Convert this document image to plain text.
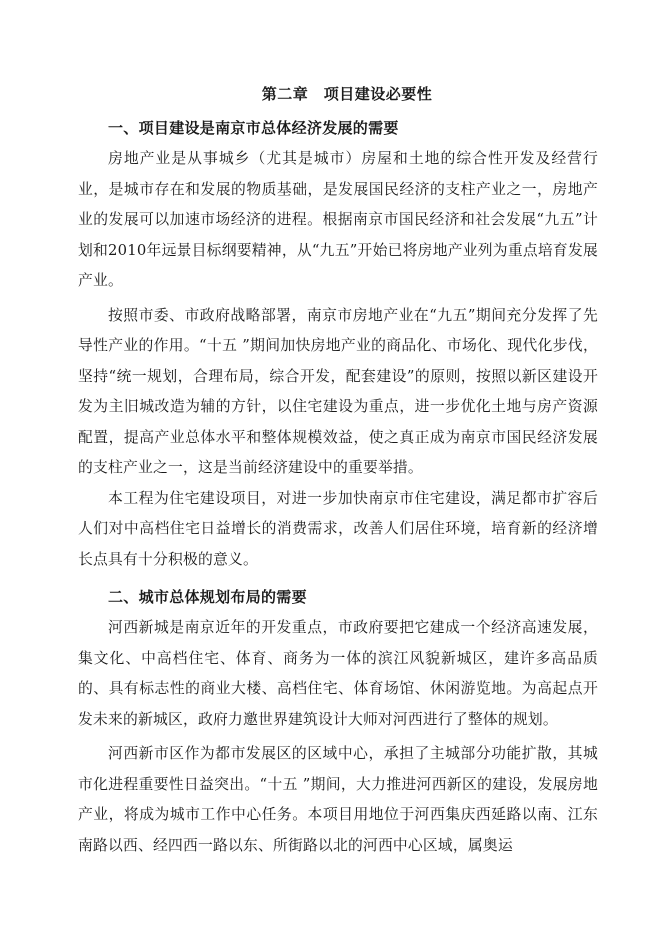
第二章　项目建设必要性
一、项目建设是南京市总体经济发展的需要

房地产业是从事城乡（尤其是城市）房屋和土地的综合性开发及经营行业，是城市存在和发展的物质基础，是发展国民经济的支柱产业之一，房地产业的发展可以加速市场经济的进程。根据南京市国民经济和社会发展“九五”计划和2010年远景目标纲要精神，从“九五”开始已将房地产业列为重点培育发展产业。

按照市委、市政府战略部署，南京市房地产业在“九五”期间充分发挥了先导性产业的作用。“十五 ”期间加快房地产业的商品化、市场化、现代化步伐，坚持“统一规划，合理布局，综合开发，配套建设”的原则，按照以新区建设开发为主旧城改造为辅的方针，以住宅建设为重点，进一步优化土地与房产资源配置，提高产业总体水平和整体规模效益，使之真正成为南京市国民经济发展的支柱产业之一，这是当前经济建设中的重要举措。

本工程为住宅建设项目，对进一步加快南京市住宅建设，满足都市扩容后人们对中高档住宅日益增长的消费需求，改善人们居住环境，培育新的经济增长点具有十分积极的意义。

二、城市总体规划布局的需要

河西新城是南京近年的开发重点，市政府要把它建成一个经济高速发展，集文化、中高档住宅、体育、商务为一体的滨江风貌新城区，建许多高品质的、具有标志性的商业大楼、高档住宅、体育场馆、休闲游览地。为高起点开发未来的新城区，政府力邀世界建筑设计大师对河西进行了整体的规划。

河西新市区作为都市发展区的区域中心，承担了主城部分功能扩散，其城市化进程重要性日益突出。“十五 ”期间，大力推进河西新区的建设，发展房地产业，将成为城市工作中心任务。本项目用地位于河西集庆西延路以南、江东南路以西、经四西一路以东、所街路以北的河西中心区域，属奥运
